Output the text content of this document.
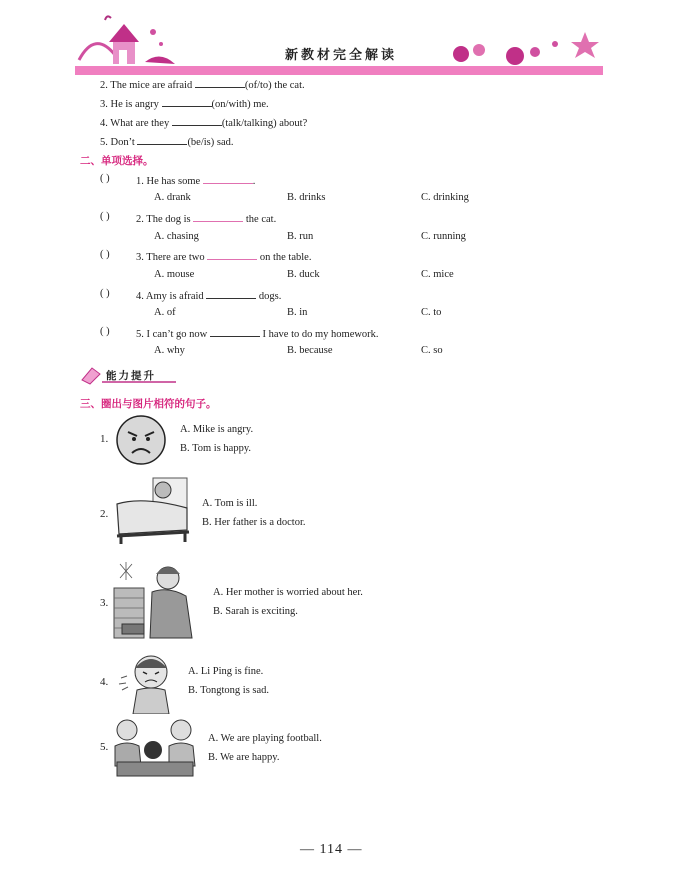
新教材完全解读
2. The mice are afraid	(of/to) the cat.
3. He is angry	(on/with) me.
4. What are they	(talk/talking) about?
5. Don’t	(be/is) sad.
二、单项选择。
( )	1. He has some	.
A. drank	B. drinks	C. drinking
( )	2. The dog is	the cat.
A. chasing	B. run	C. running
( )	3. There are two	on the table.
A. mouse	B. duck	C. mice
( )	4. Amy is afraid	dogs.
A. of	B. in	C. to
( )	5. I can’t go now	I have to do my homework.
A. why	B. because	C. so
能力提升
三、圈出与图片相符的句子。
1.
A. Mike is angry.
B. Tom is happy.
2.
A. Tom is ill.
B. Her father is a doctor.
3.
A. Her mother is worried about her.
B. Sarah is exciting.
4.
A. Li Ping is fine.
B. Tongtong is sad.
5.
A. We are playing football.
B. We are happy.
— 114 —
